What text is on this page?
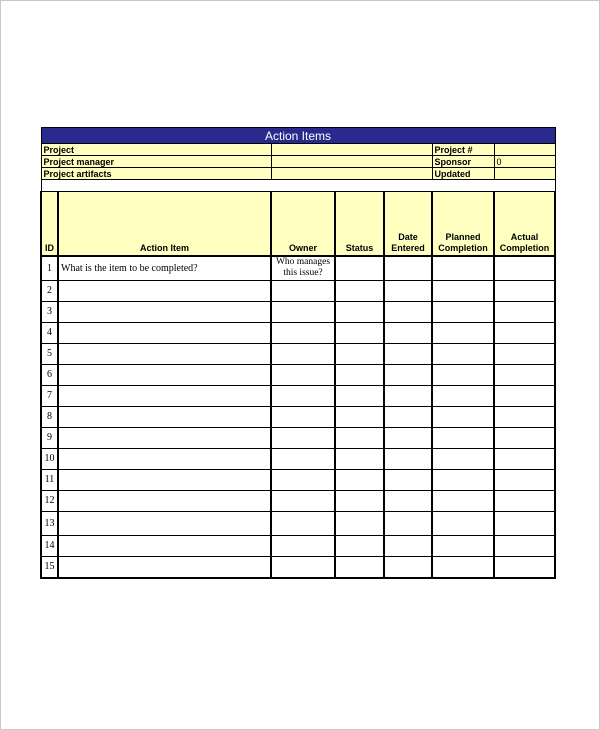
Action Items						
Project					Project #	
Project manager					Sponsor	0
Project artifacts					Updated	

ID	Action Item	Owner	Status	Date Entered	Planned Completion	Actual Completion
1	What is the item to be completed?	Who manages this issue?				
2						
3						
4						
5						
6						
7						
8						
9						
10						
11						
12						
13						
14						
15						
